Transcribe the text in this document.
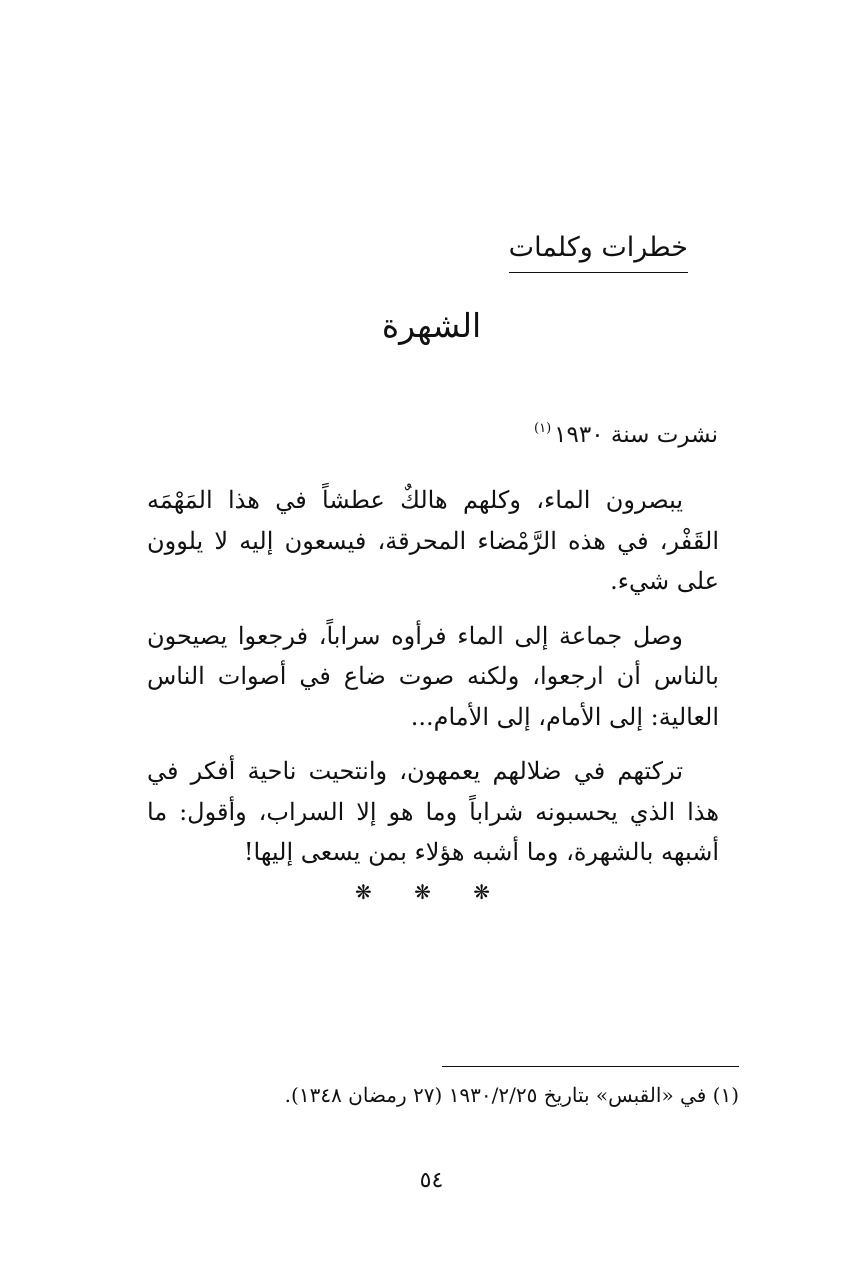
خطرات وكلمات
الشهرة
نشرت سنة ١٩٣٠$^{(١)}$

يبصرون الماء، وكلهم هالكٌ عطشاً في هذا المَهْمَه القَفْر، في هذه الرَّمْضاء المحرقة، فيسعون إليه لا يلوون على شيء.

وصل جماعة إلى الماء فرأوه سراباً، فرجعوا يصيحون بالناس أن ارجعوا، ولكنه صوت ضاع في أصوات الناس العالية: إلى الأمام، إلى الأمام...

تركتهم في ضلالهم يعمهون، وانتحيت ناحية أفكر في هذا الذي يحسبونه شراباً وما هو إلا السراب، وأقول: ما أشبهه بالشهرة، وما أشبه هؤلاء بمن يسعى إليها!

❋ ❋ ❋
(١) في «القبس» بتاريخ ١٩٣٠/٢/٢٥ (٢٧ رمضان ١٣٤٨).
٥٤
